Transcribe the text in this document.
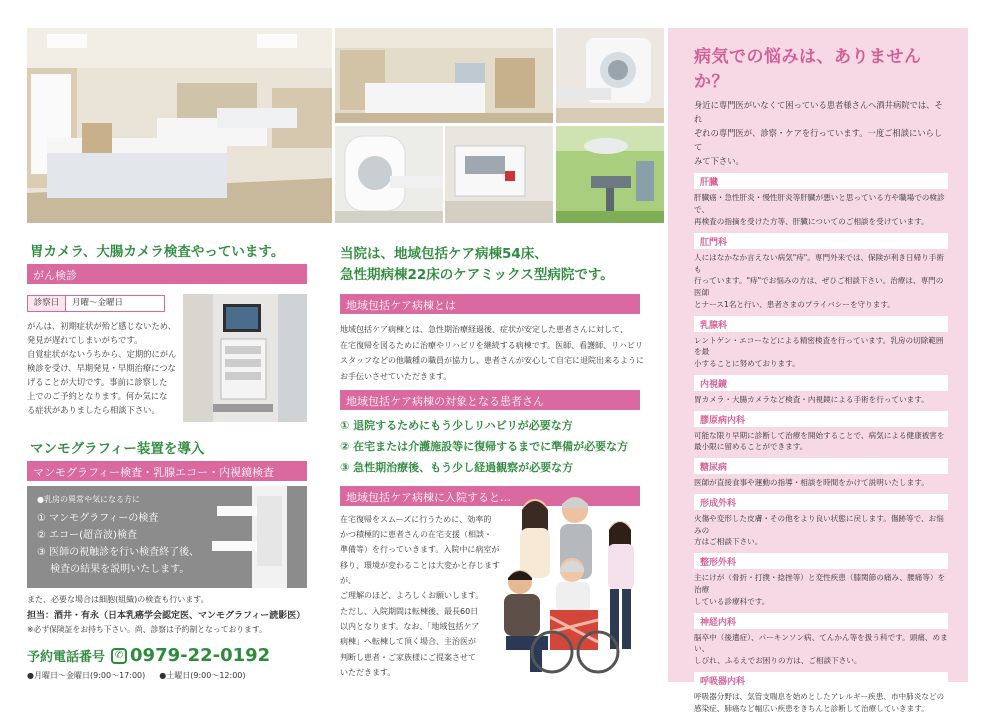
胃カメラ、大腸カメラ検査やっています。
がん検診
診察日	月曜～金曜日
がんは、初期症状が殆ど感じないため、
発見が遅れてしまいがちです。
自覚症状がないうちから、定期的にがん
検診を受け、早期発見・早期治療につな
げることが大切です。事前に診察した
上でのご予約となります。何か気にな
る症状がありましたら相談下さい。
マンモグラフィー装置を導入
マンモグラフィー検査・乳腺エコー・内視鏡検査
●乳房の異常や気になる方に
① マンモグラフィーの検査
② エコー(超音波)検査
③ 医師の視触診を行い検査終了後、
　 検査の結果を説明いたします。
また、必要な場合は細胞(組織)の検査も行います。
担当：酒井・有永（日本乳癌学会認定医、マンモグラフィー読影医）
※必ず保険証をお持ち下さい。尚、診察は予約制となっております。
予約電話番号 ✆ 0979-22-0192
●月曜日～金曜日(9:00～17:00) ●土曜日(9:00～12:00)
当院は、地域包括ケア病棟54床、
急性期病棟22床のケアミックス型病院です。
地域包括ケア病棟とは
地域包括ケア病棟とは、急性期治療経過後、症状が安定した患者さんに対して、
在宅復帰を図るために治療やリハビリを継続する病棟です。医師、看護師、リハビリ
スタッフなどの他職種の職員が協力し、患者さんが安心して自宅に退院出来るように
お手伝いさせていただきます。
地域包括ケア病棟の対象となる患者さん
① 退院するためにもう少しリハビリが必要な方
② 在宅または介護施設等に復帰するまでに準備が必要な方
③ 急性期治療後、もう少し経過観察が必要な方
地域包括ケア病棟に入院すると…
在宅復帰をスムーズに行うために、効率的
かつ積極的に患者さんの在宅支援（相談・
準備等）を行っていきます。入院中に病室が
移り、環境が変わることは大変かと存じますが、
ご理解のほど、よろしくお願いします。
ただし、入院期間は転棟後、最長60日
以内となります。なお、「地域包括ケア
病棟」へ転棟して頂く場合、主治医が
判断し患者・ご家族様にご提案させて
いただきます。
病気での悩みは、ありませんか？
身近に専門医がいなくて困っている患者様さんへ酒井病院では、それ
ぞれの専門医が、診察・ケアを行っています。一度ご相談にいらして
みて下さい。
肝臓
肝臓癌・急性肝炎・慢性肝炎等肝臓が悪いと思っている方や職場での検診で、
再検査の指摘を受けた方等、肝臓についてのご相談を受けています。
肛門科
人にはなかなか言えない病気"痔"。専門外来では、保険が利き日帰り手術も
行っています。"痔"でお悩みの方は、ぜひご相談下さい。治療は、専門の医師
とナース1名と行い、患者さまのプライバシーを守ります。
乳腺科
レントゲン・エコーなどによる精密検査を行っています。乳房の切除範囲を最
小することに努めております。
内視鏡
胃カメラ・大腸カメラなど検査・内視鏡による手術を行っています。
膠原病内科
可能な限り早期に診断して治療を開始することで、病気による健康被害を
最小限に留めることができます。
糖尿病
医師が直接食事や運動の指導・相談を時間をかけて説明いたします。
形成外科
火傷や変形した皮膚・その他をより良い状態に戻します。傷跡等で、お悩みの
方はご相談下さい。
整形外科
主にけが（骨折・打撲・捻挫等）と変性疾患（膝関節の痛み、腰痛等）を治療
している診療科です。
神経内科
脳卒中（後遺症）、パーキンソン病、てんかん等を扱う科です。頭痛、めまい、
しびれ、ふるえでお困りの方は、ご相談下さい。
呼吸器内科
呼吸器分野は、気管支喘息を始めとしたアレルギー疾患、市中肺炎などの
感染症、肺癌など幅広い疾患をきちんと診断して治療していきます。
